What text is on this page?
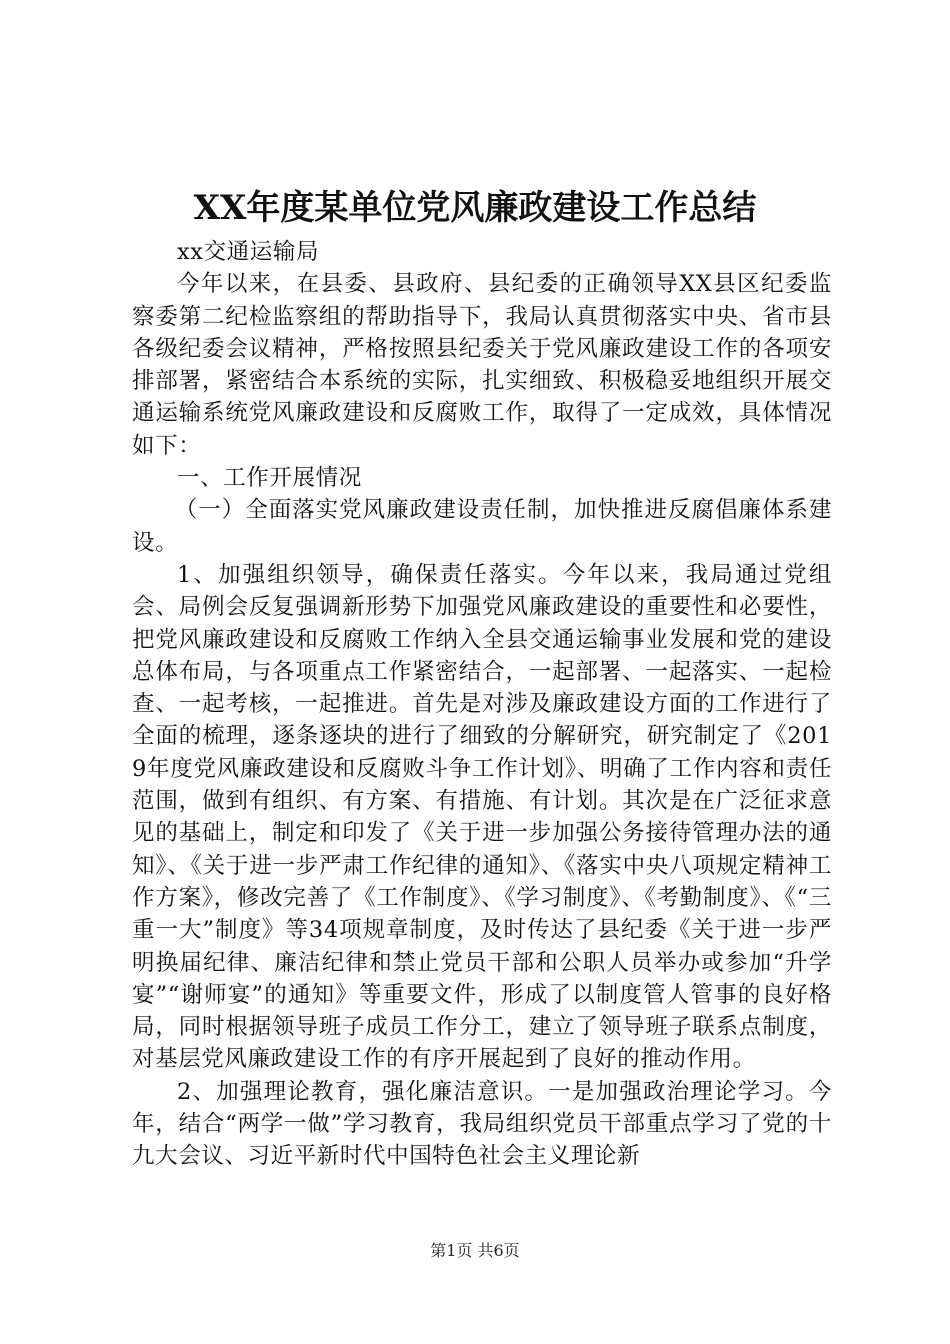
XX年度某单位党风廉政建设工作总结

xx交通运输局

今年以来，在县委、县政府、县纪委的正确领导XX县区纪委监察委第二纪检监察组的帮助指导下，我局认真贯彻落实中央、省市县各级纪委会议精神，严格按照县纪委关于党风廉政建设工作的各项安排部署，紧密结合本系统的实际，扎实细致、积极稳妥地组织开展交通运输系统党风廉政建设和反腐败工作，取得了一定成效，具体情况如下：

一、工作开展情况

（一）全面落实党风廉政建设责任制，加快推进反腐倡廉体系建设。

1、加强组织领导，确保责任落实。今年以来，我局通过党组会、局例会反复强调新形势下加强党风廉政建设的重要性和必要性，把党风廉政建设和反腐败工作纳入全县交通运输事业发展和党的建设总体布局，与各项重点工作紧密结合，一起部署、一起落实、一起检查、一起考核，一起推进。首先是对涉及廉政建设方面的工作进行了全面的梳理，逐条逐块的进行了细致的分解研究，研究制定了《2019年度党风廉政建设和反腐败斗争工作计划》、明确了工作内容和责任范围，做到有组织、有方案、有措施、有计划。其次是在广泛征求意见的基础上，制定和印发了《关于进一步加强公务接待管理办法的通知》、《关于进一步严肃工作纪律的通知》、《落实中央八项规定精神工作方案》，修改完善了《工作制度》、《学习制度》、《考勤制度》、《“三重一大”制度》等34项规章制度，及时传达了县纪委《关于进一步严明换届纪律、廉洁纪律和禁止党员干部和公职人员举办或参加“升学宴”“谢师宴”的通知》等重要文件，形成了以制度管人管事的良好格局，同时根据领导班子成员工作分工，建立了领导班子联系点制度，对基层党风廉政建设工作的有序开展起到了良好的推动作用。

2、加强理论教育，强化廉洁意识。一是加强政治理论学习。今年，结合“两学一做”学习教育，我局组织党员干部重点学习了党的十九大会议、习近平新时代中国特色社会主义理论新

第1页 共6页
